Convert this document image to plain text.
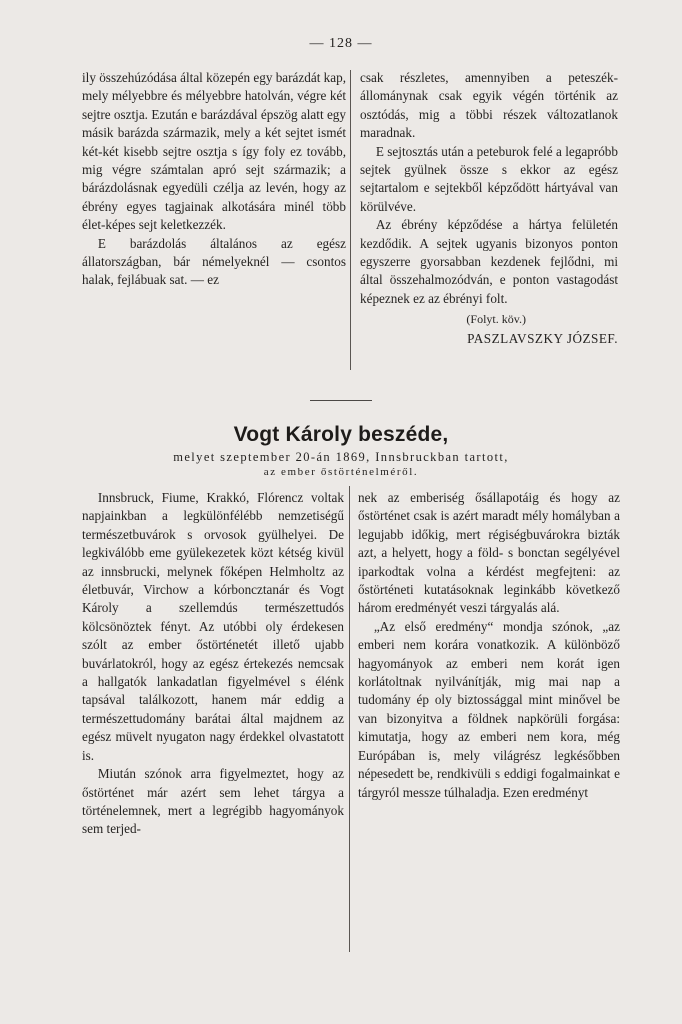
— 128 —

ily összehúzódása által közepén egy barázdát kap, mely mélyebbre és mélyebbre hatolván, végre két sejtre osztja. Ezután e barázdával épszög alatt egy másik barázda származik, mely a két sejtet ismét két-két kisebb sejtre osztja s így foly ez tovább, mig végre számtalan apró sejt származik; a bárázdolásnak egyedüli czélja az levén, hogy az ébrény egyes tagjainak alkotására minél több élet-képes sejt keletkezzék.

E barázdolás általános az egész állatországban, bár némelyeknél — csontos halak, fejlábuak sat. — ez

csak részletes, amennyiben a peteszék-állománynak csak egyik végén történik az osztódás, mig a többi részek változatlanok maradnak.

E sejtosztás után a peteburok felé a legapróbb sejtek gyülnek össze s ekkor az egész sejtartalom e sejtekből képződött hártyával van körülvéve.

Az ébrény képződése a hártya felületén kezdődik. A sejtek ugyanis bizonyos ponton egyszerre gyorsabban kezdenek fejlődni, mi által összehalmozódván, e ponton vastagodást képeznek ez az ébrényi folt.

(Folyt. köv.)

PASZLAVSZKY JÓZSEF.

Vogt Károly beszéde,
melyet szeptember 20-án 1869, Innsbruckban tartott,
az ember őstörténelméről.

Innsbruck, Fiume, Krakkó, Flórencz voltak napjainkban a legkülönfélébb nemzetiségű természetbuvárok s orvosok gyülhelyei. De legkiválóbb eme gyülekezetek közt kétség kivül az innsbrucki, melynek főképen Helmholtz az életbuvár, Virchow a kórboncztanár és Vogt Károly a szellemdús természettudós kölcsönöztek fényt. Az utóbbi oly érdekesen szólt az ember őstörténetét illető ujabb buvárlatokról, hogy az egész értekezés nemcsak a hallgatók lankadatlan figyelmével s élénk tapsával találkozott, hanem már eddig a természettudomány barátai által majdnem az egész müvelt nyugaton nagy érdekkel olvastatott is.

Miután szónok arra figyelmeztet, hogy az őstörténet már azért sem lehet tárgya a történelemnek, mert a legrégibb hagyományok sem terjed-

nek az emberiség ősállapotáig és hogy az őstörténet csak is azért maradt mély homályban a legujabb időkig, mert régiségbuvárokra bizták azt, a helyett, hogy a föld- s bonctan segélyével iparkodtak volna a kérdést megfejteni: az őstörténeti kutatásoknak leginkább következő három eredményét veszi tárgyalás alá.

„Az első eredmény“ mondja szónok, „az emberi nem korára vonatkozik. A különböző hagyományok az emberi nem korát igen korlátoltnak nyilvánítják, mig mai nap a tudomány ép oly biztossággal mint minővel be van bizonyitva a földnek napkörüli forgása: kimutatja, hogy az emberi nem kora, még Európában is, mely világrész legkésőbben népesedett be, rendkivüli s eddigi fogalmainkat e tárgyról messze túlhaladja. Ezen eredményt
